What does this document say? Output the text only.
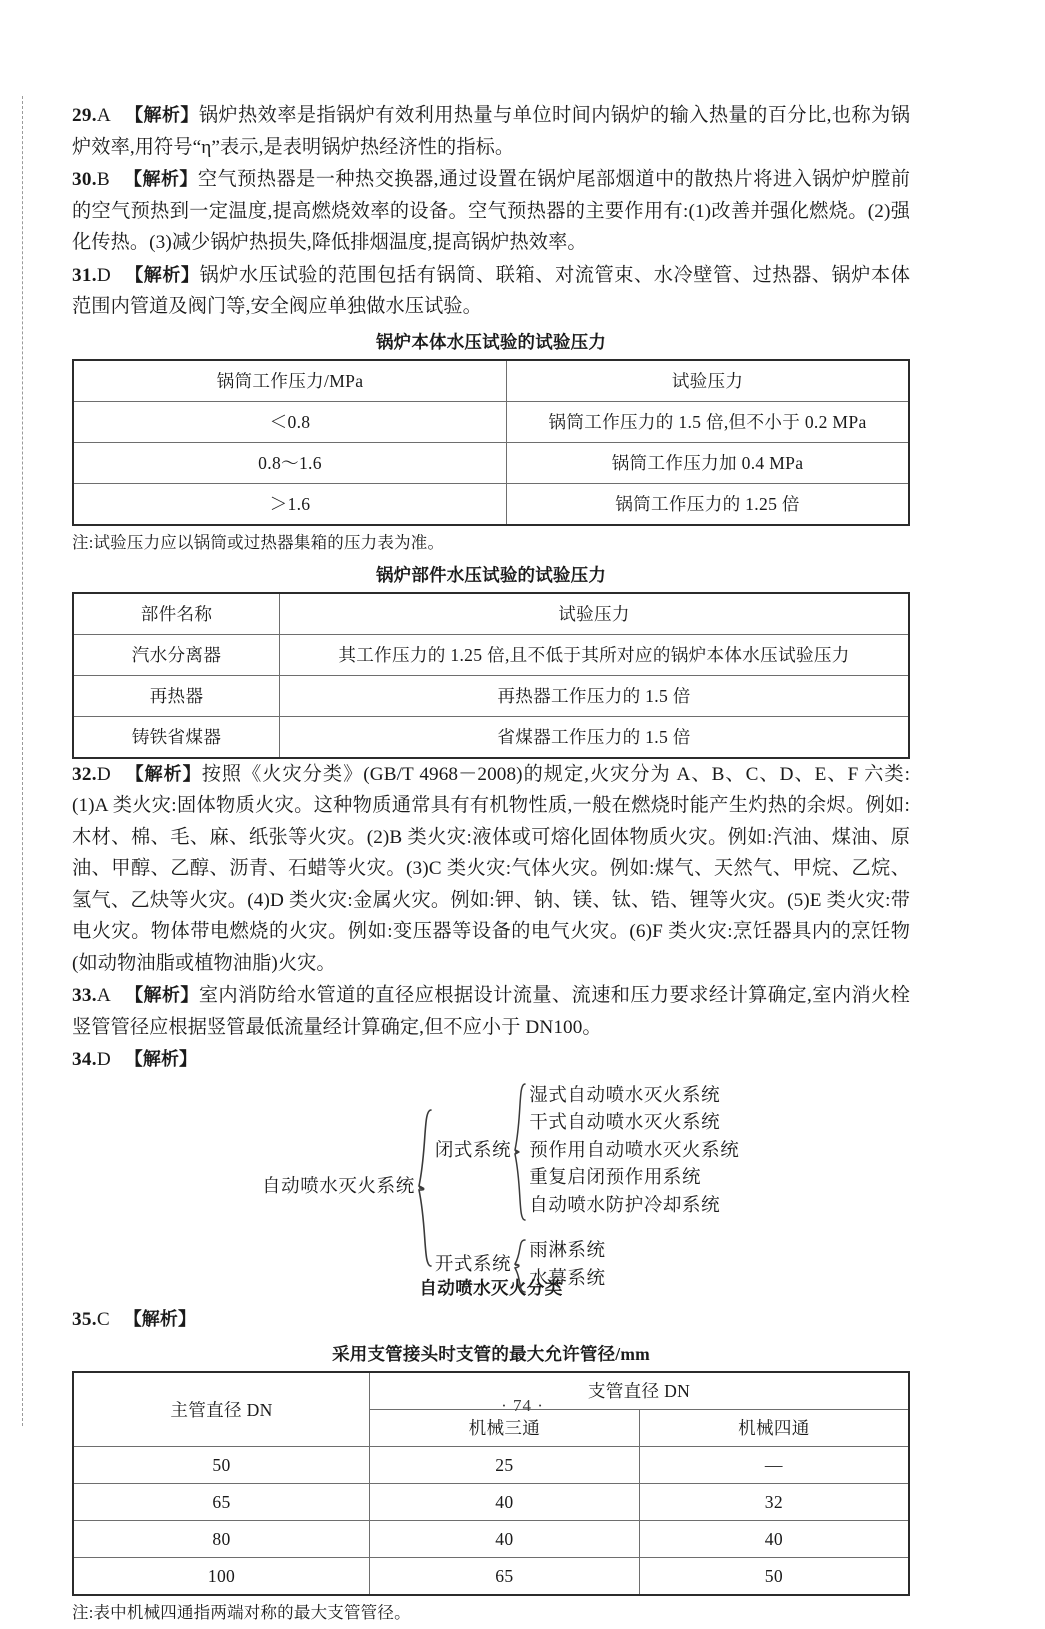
29.A 【解析】锅炉热效率是指锅炉有效利用热量与单位时间内锅炉的输入热量的百分比,也称为锅炉效率,用符号“η”表示,是表明锅炉热经济性的指标。

30.B 【解析】空气预热器是一种热交换器,通过设置在锅炉尾部烟道中的散热片将进入锅炉炉膛前的空气预热到一定温度,提高燃烧效率的设备。空气预热器的主要作用有:(1)改善并强化燃烧。(2)强化传热。(3)减少锅炉热损失,降低排烟温度,提高锅炉热效率。

31.D 【解析】锅炉水压试验的范围包括有锅筒、联箱、对流管束、水冷壁管、过热器、锅炉本体范围内管道及阀门等,安全阀应单独做水压试验。

锅炉本体水压试验的试验压力
锅筒工作压力/MPa	试验压力
＜0.8	锅筒工作压力的 1.5 倍,但不小于 0.2 MPa
0.8～1.6	锅筒工作压力加 0.4 MPa
＞1.6	锅筒工作压力的 1.25 倍
注:试验压力应以锅筒或过热器集箱的压力表为准。
锅炉部件水压试验的试验压力
部件名称	试验压力
汽水分离器	其工作压力的 1.25 倍,且不低于其所对应的锅炉本体水压试验压力
再热器	再热器工作压力的 1.5 倍
铸铁省煤器	省煤器工作压力的 1.5 倍

32.D 【解析】按照《火灾分类》(GB/T 4968－2008)的规定,火灾分为 A、B、C、D、E、F 六类:(1)A 类火灾:固体物质火灾。这种物质通常具有有机物性质,一般在燃烧时能产生灼热的余烬。例如:木材、棉、毛、麻、纸张等火灾。(2)B 类火灾:液体或可熔化固体物质火灾。例如:汽油、煤油、原油、甲醇、乙醇、沥青、石蜡等火灾。(3)C 类火灾:气体火灾。例如:煤气、天然气、甲烷、乙烷、氢气、乙炔等火灾。(4)D 类火灾:金属火灾。例如:钾、钠、镁、钛、锆、锂等火灾。(5)E 类火灾:带电火灾。物体带电燃烧的火灾。例如:变压器等设备的电气火灾。(6)F 类火灾:烹饪器具内的烹饪物(如动物油脂或植物油脂)火灾。

33.A 【解析】室内消防给水管道的直径应根据设计流量、流速和压力要求经计算确定,室内消火栓竖管管径应根据竖管最低流量经计算确定,但不应小于 DN100。

34.D 【解析】

自动喷水灭火系统
闭式系统
湿式自动喷水灭火系统
干式自动喷水灭火系统
预作用自动喷水灭火系统
重复启闭预作用系统
自动喷水防护冷却系统
开式系统
雨淋系统
水幕系统
自动喷水灭火分类

35.C 【解析】

采用支管接头时支管的最大允许管径/mm
主管直径 DN	支管直径 DN	
	机械三通	机械四通
50	25	—
65	40	32
80	40	40
100	65	50
注:表中机械四通指两端对称的最大支管管径。
· 74 ·
